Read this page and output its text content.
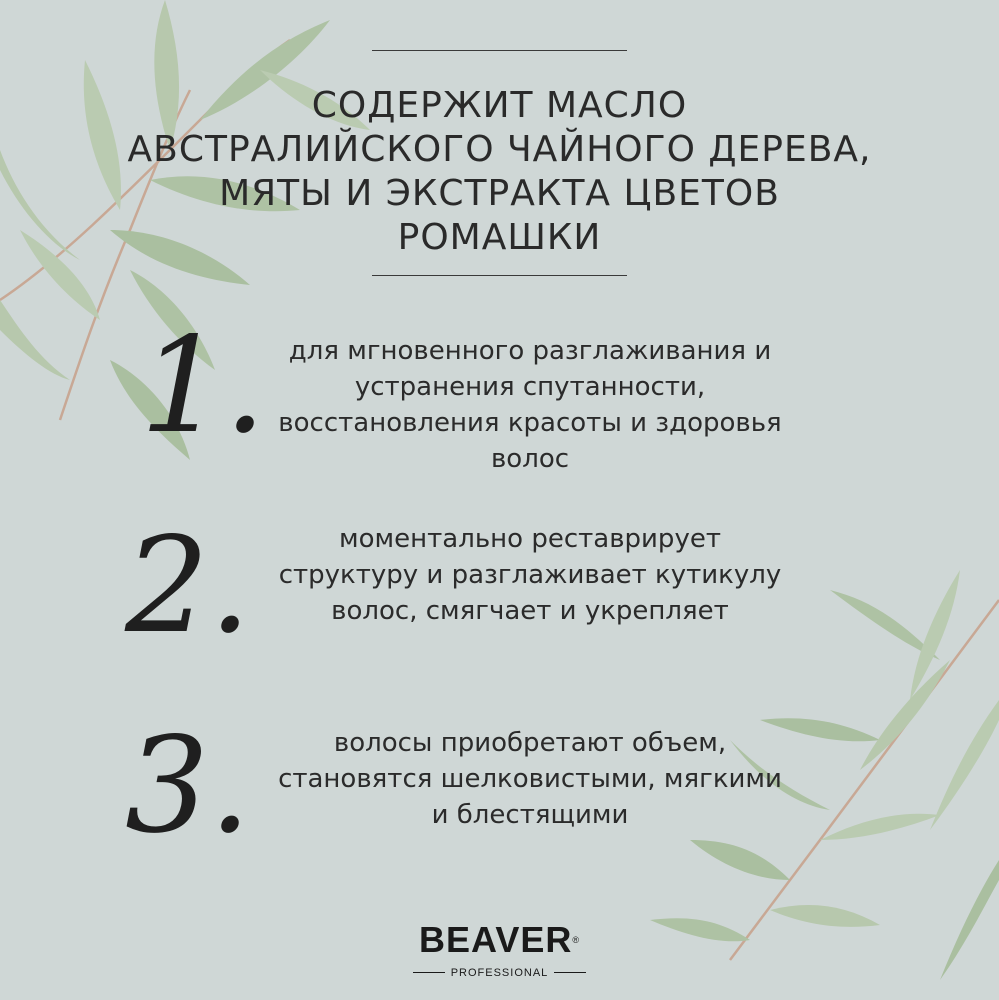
СОДЕРЖИТ МАСЛО
АВСТРАЛИЙСКОГО ЧАЙНОГО ДЕРЕВА,
МЯТЫ И ЭКСТРАКТА ЦВЕТОВ
РОМАШКИ
1. для мгновенного разглаживания и
устранения спутанности,
восстановления красоты и здоровья
волос
2.	моментально реставрирует
структуру и разглаживает кутикулу
волос, смягчает и укрепляет
3.	волосы приобретают объем,
становятся шелковистыми, мягкими
и блестящими
BEAVER®
PROFESSIONAL
